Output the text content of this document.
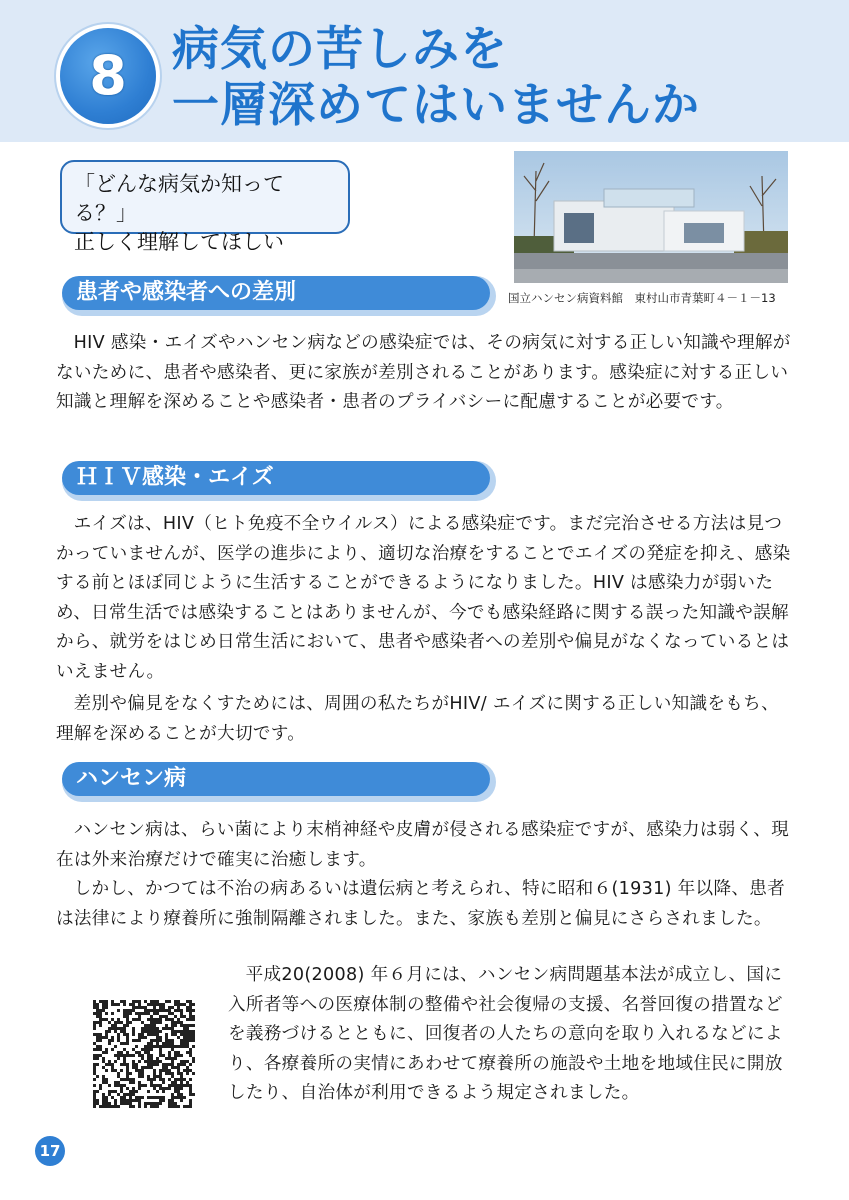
8 病気の苦しみを
一層深めてはいませんか
「どんな病気か知ってる？」
正しく理解してほしい
国立ハンセン病資料館　東村山市青葉町４－１－13
患者や感染者への差別
HIV 感染・エイズやハンセン病などの感染症では、その病気に対する正しい知識や理解がないために、患者や感染者、更に家族が差別されることがあります。感染症に対する正しい知識と理解を深めることや感染者・患者のプライバシーに配慮することが必要です。
ＨＩＶ感染・エイズ
エイズは、HIV（ヒト免疫不全ウイルス）による感染症です。まだ完治させる方法は見つかっていませんが、医学の進歩により、適切な治療をすることでエイズの発症を抑え、感染する前とほぼ同じように生活することができるようになりました。HIV は感染力が弱いため、日常生活では感染することはありませんが、今でも感染経路に関する誤った知識や誤解から、就労をはじめ日常生活において、患者や感染者への差別や偏見がなくなっているとはいえません。
差別や偏見をなくすためには、周囲の私たちがHIV/ エイズに関する正しい知識をもち、理解を深めることが大切です。
ハンセン病
ハンセン病は、らい菌により末梢神経や皮膚が侵される感染症ですが、感染力は弱く、現在は外来治療だけで確実に治癒します。
しかし、かつては不治の病あるいは遺伝病と考えられ、特に昭和６(1931) 年以降、患者は法律により療養所に強制隔離されました。また、家族も差別と偏見にさらされました。
平成20(2008) 年６月には、ハンセン病問題基本法が成立し、国に入所者等への医療体制の整備や社会復帰の支援、名誉回復の措置などを義務づけるとともに、回復者の人たちの意向を取り入れるなどにより、各療養所の実情にあわせて療養所の施設や土地を地域住民に開放したり、自治体が利用できるよう規定されました。
17
